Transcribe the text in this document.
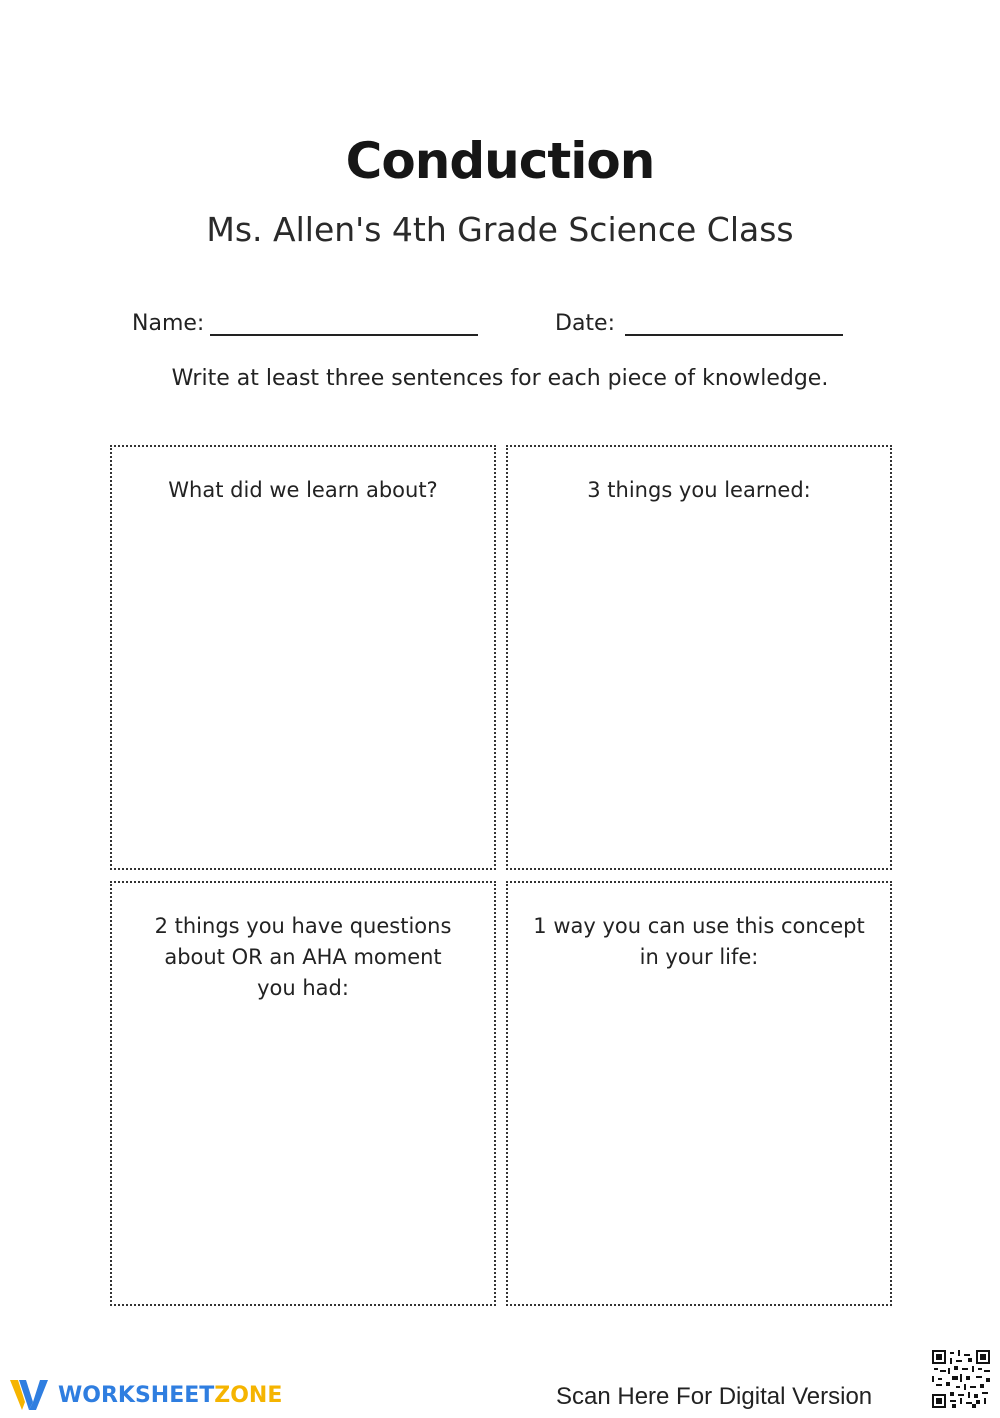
Conduction
Ms. Allen's 4th Grade Science Class
Name:	Date:
Write at least three sentences for each piece of knowledge.
What did we learn about?	3 things you learned:
2 things you have questions about OR an AHA moment you had:
1 way you can use this concept in your life:
WORKSHEETZONE	Scan Here For Digital Version
